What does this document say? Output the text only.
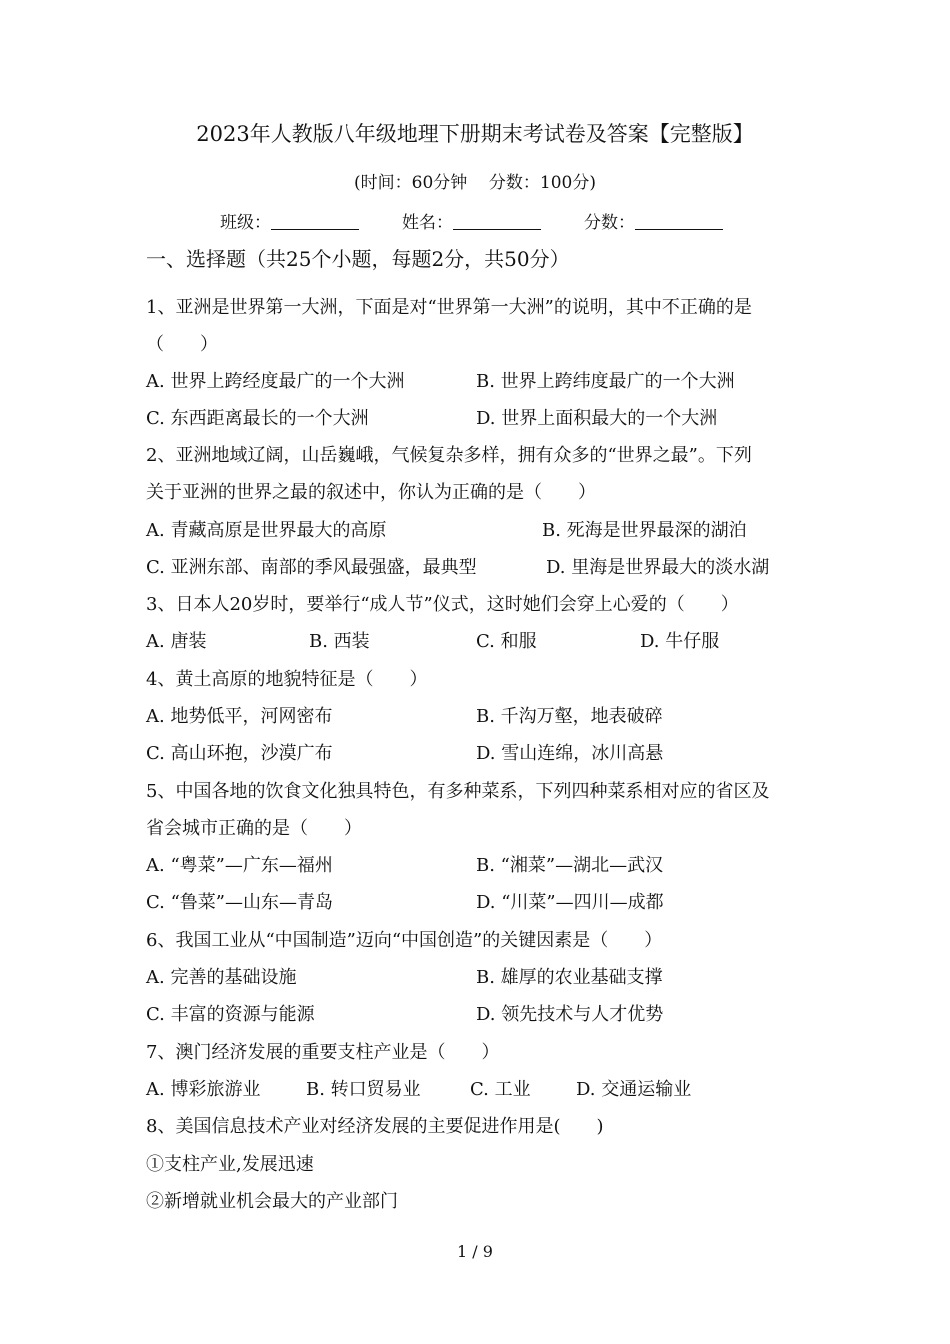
2023年人教版八年级地理下册期末考试卷及答案【完整版】
(时间：60分钟    分数：100分)

班级：

	姓名：

	分数：

一、选择题（共25个小题，每题2分，共50分）
1、亚洲是世界第一大洲，下面是对“世界第一大洲”的说明，其中不正确的是
（　　）
A. 世界上跨经度最广的一个大洲	B. 世界上跨纬度最广的一个大洲
C. 东西距离最长的一个大洲	D. 世界上面积最大的一个大洲
2、亚洲地域辽阔，山岳巍峨，气候复杂多样，拥有众多的“世界之最”。下列
关于亚洲的世界之最的叙述中，你认为正确的是（　　）
A. 青藏高原是世界最大的高原	B. 死海是世界最深的湖泊
C. 亚洲东部、南部的季风最强盛，最典型	D. 里海是世界最大的淡水湖
3、日本人20岁时，要举行“成人节”仪式，这时她们会穿上心爱的（　　）
A. 唐装	B. 西装	C. 和服	D. 牛仔服
4、黄土高原的地貌特征是（　　）
A. 地势低平，河网密布	B. 千沟万壑，地表破碎
C. 高山环抱，沙漠广布	D. 雪山连绵，冰川高悬
5、中国各地的饮食文化独具特色，有多种菜系，下列四种菜系相对应的省区及
省会城市正确的是（　　）
A. “粤菜”—广东—福州	B. “湘菜”—湖北—武汉
C. “鲁菜”—山东—青岛	D. “川菜”—四川—成都
6、我国工业从“中国制造”迈向“中国创造”的关键因素是（　　）
A. 完善的基础设施	B. 雄厚的农业基础支撑
C. 丰富的资源与能源	D. 领先技术与人才优势
7、澳门经济发展的重要支柱产业是（　　）
A. 博彩旅游业	B. 转口贸易业	C. 工业	D. 交通运输业
8、美国信息技术产业对经济发展的主要促进作用是(　　)
①支柱产业,发展迅速
②新增就业机会最大的产业部门
1 / 9
